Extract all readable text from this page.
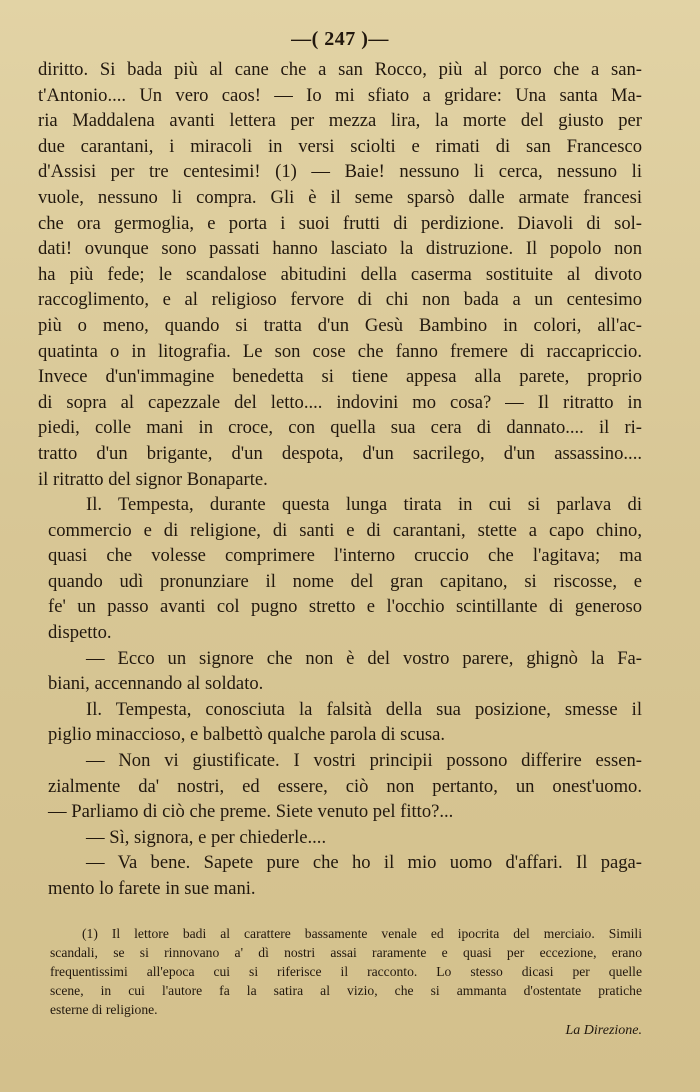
—( 247 )—
diritto. Si bada più al cane che a san Rocco, più al porco che a san-
t'Antonio.... Un vero caos! — Io mi sfiato a gridare: Una santa Ma-
ria Maddalena avanti lettera per mezza lira, la morte del giusto per
due carantani, i miracoli in versi sciolti e rimati di san Francesco
d'Assisi per tre centesimi! (1) — Baie! nessuno li cerca, nessuno li
vuole, nessuno li compra. Gli è il seme sparsò dalle armate francesi
che ora germoglia, e porta i suoi frutti di perdizione. Diavoli di sol-
dati! ovunque sono passati hanno lasciato la distruzione. Il popolo non
ha più fede; le scandalose abitudini della caserma sostituite al divoto
raccoglimento, e al religioso fervore di chi non bada a un centesimo
più o meno, quando si tratta d'un Gesù Bambino in colori, all'ac-
quatinta o in litografia. Le son cose che fanno fremere di raccapriccio.
Invece d'un'immagine benedetta si tiene appesa alla parete, proprio
di sopra al capezzale del letto.... indovini mo cosa? — Il ritratto in
piedi, colle mani in croce, con quella sua cera di dannato.... il ri-
tratto d'un brigante, d'un despota, d'un sacrilego, d'un assassino....
il ritratto del signor Bonaparte.
Il. Tempesta, durante questa lunga tirata in cui si parlava di
commercio e di religione, di santi e di carantani, stette a capo chino,
quasi che volesse comprimere l'interno cruccio che l'agitava; ma
quando udì pronunziare il nome del gran capitano, si riscosse, e
fe' un passo avanti col pugno stretto e l'occhio scintillante di generoso
dispetto.
— Ecco un signore che non è del vostro parere, ghignò la Fa-
biani, accennando al soldato.
Il. Tempesta, conosciuta la falsità della sua posizione, smesse il
piglio minaccioso, e balbettò qualche parola di scusa.
— Non vi giustificate. I vostri principii possono differire essen-
zialmente da' nostri, ed essere, ciò non pertanto, un onest'uomo.
— Parliamo di ciò che preme. Siete venuto pel fitto?...
— Sì, signora, e per chiederle....
— Va bene. Sapete pure che ho il mio uomo d'affari. Il paga-
mento lo farete in sue mani.
(1) Il lettore badi al carattere bassamente venale ed ipocrita del merciaio. Simili
scandali, se si rinnovano a' dì nostri assai raramente e quasi per eccezione, erano
frequentissimi all'epoca cui si riferisce il racconto. Lo stesso dicasi per quelle
scene, in cui l'autore fa la satira al vizio, che si ammanta d'ostentate pratiche
esterne di religione.
La Direzione.
